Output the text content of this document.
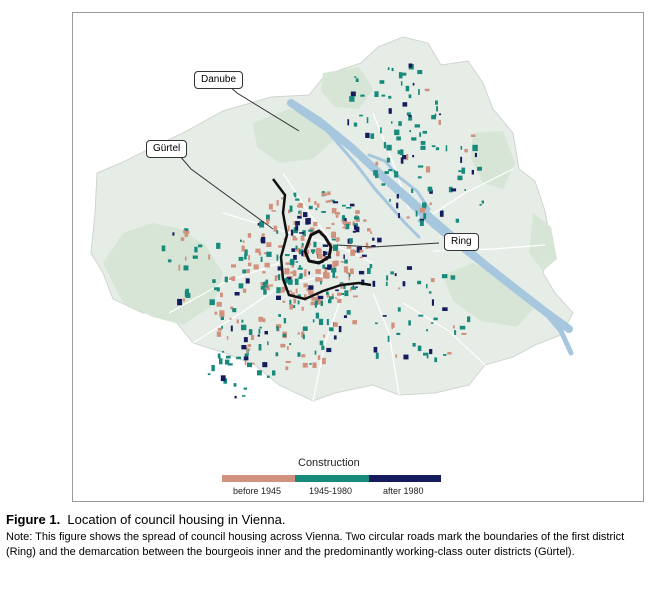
Danube
Gürtel
Ring
Construction
before 1945	1945-1980	after 1980

Figure 1. Location of council housing in Vienna.

Note: This figure shows the spread of council housing across Vienna. Two circular roads mark the boundaries of the first district (Ring) and the demarcation between the bourgeois inner and the predominantly working-class outer districts (Gürtel).
